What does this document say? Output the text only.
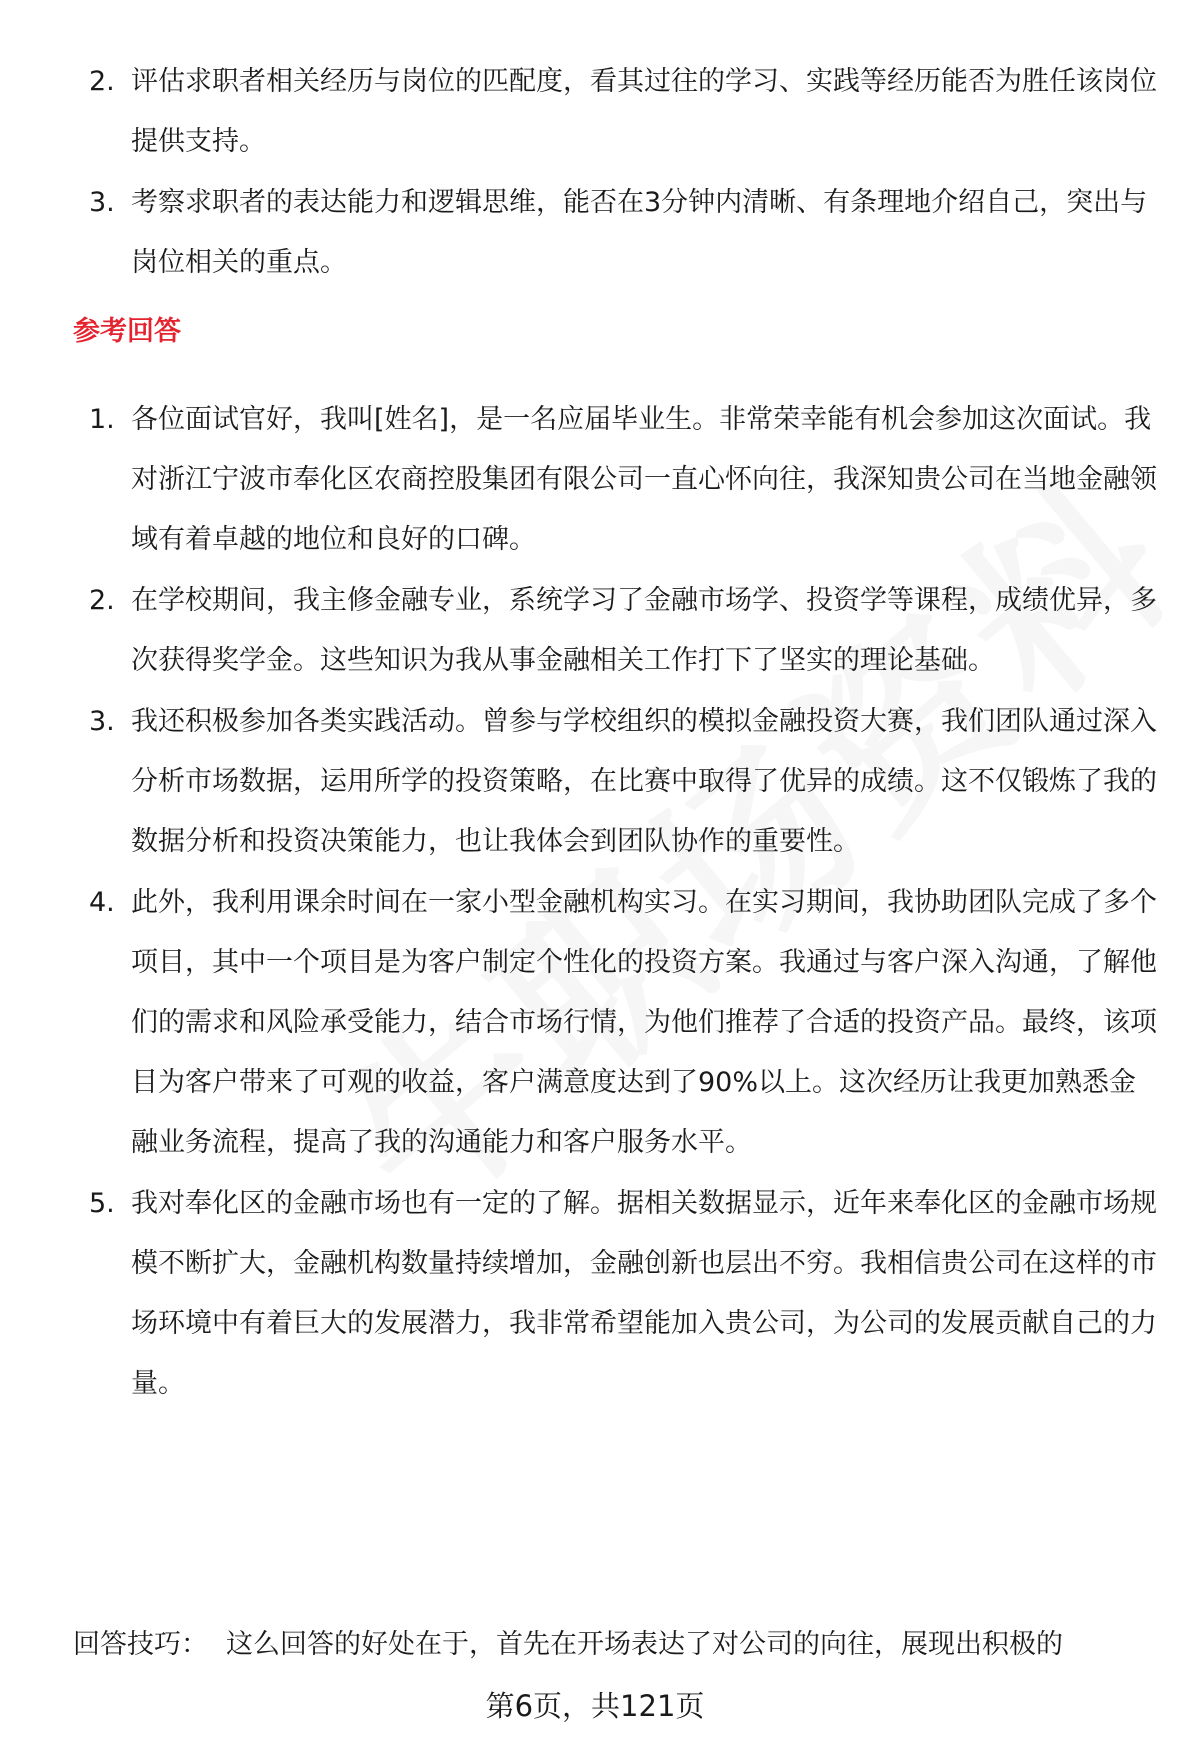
2. 评估求职者相关经历与岗位的匹配度，看其过往的学习、实践等经历能否为胜任该岗位提供支持。
3. 考察求职者的表达能力和逻辑思维，能否在3分钟内清晰、有条理地介绍自己，突出与岗位相关的重点。
参考回答
1. 各位面试官好，我叫[姓名]，是一名应届毕业生。非常荣幸能有机会参加这次面试。我对浙江宁波市奉化区农商控股集团有限公司一直心怀向往，我深知贵公司在当地金融领域有着卓越的地位和良好的口碑。
2. 在学校期间，我主修金融专业，系统学习了金融市场学、投资学等课程，成绩优异，多次获得奖学金。这些知识为我从事金融相关工作打下了坚实的理论基础。
3. 我还积极参加各类实践活动。曾参与学校组织的模拟金融投资大赛，我们团队通过深入分析市场数据，运用所学的投资策略，在比赛中取得了优异的成绩。这不仅锻炼了我的数据分析和投资决策能力，也让我体会到团队协作的重要性。
4. 此外，我利用课余时间在一家小型金融机构实习。在实习期间，我协助团队完成了多个项目，其中一个项目是为客户制定个性化的投资方案。我通过与客户深入沟通，了解他们的需求和风险承受能力，结合市场行情，为他们推荐了合适的投资产品。最终，该项目为客户带来了可观的收益，客户满意度达到了90%以上。这次经历让我更加熟悉金融业务流程，提高了我的沟通能力和客户服务水平。
5. 我对奉化区的金融市场也有一定的了解。据相关数据显示，近年来奉化区的金融市场规模不断扩大，金融机构数量持续增加，金融创新也层出不穷。我相信贵公司在这样的市场环境中有着巨大的发展潜力，我非常希望能加入贵公司，为公司的发展贡献自己的力量。
回答技巧： 这么回答的好处在于，首先在开场表达了对公司的向往，展现出积极的
第6页，共121页
